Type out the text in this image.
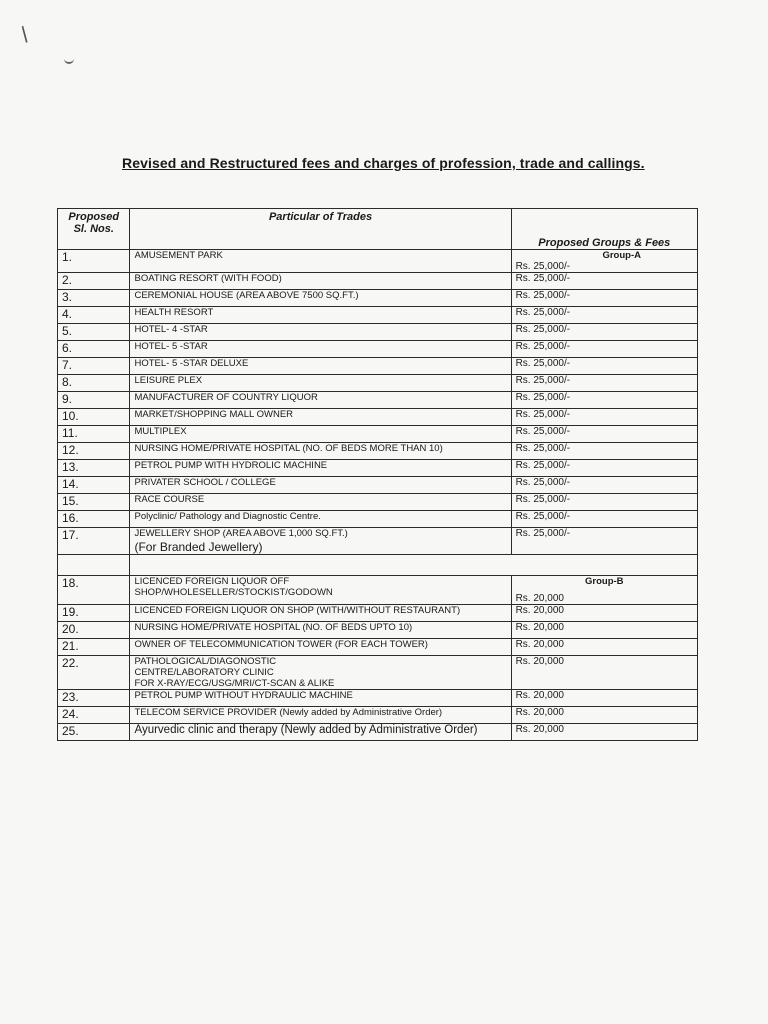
/
Revised and Restructured fees and charges of profession, trade and callings.
Proposed Sl. Nos.	Particular of Trades	Proposed Groups & Fees
1.	AMUSEMENT PARK	Group-A
Rs. 25,000/-
2.	BOATING RESORT (WITH FOOD)	Rs. 25,000/-
3.	CEREMONIAL HOUSE (AREA ABOVE 7500 SQ.FT.)	Rs. 25,000/-
4.	HEALTH RESORT	Rs. 25,000/-
5.	HOTEL- 4 -STAR	Rs. 25,000/-
6.	HOTEL- 5 -STAR	Rs. 25,000/-
7.	HOTEL- 5 -STAR DELUXE	Rs. 25,000/-
8.	LEISURE PLEX	Rs. 25,000/-
9.	MANUFACTURER OF COUNTRY LIQUOR	Rs. 25,000/-
10.	MARKET/SHOPPING MALL OWNER	Rs. 25,000/-
11.	MULTIPLEX	Rs. 25,000/-
12.	NURSING HOME/PRIVATE HOSPITAL (NO. OF BEDS MORE THAN 10)	Rs. 25,000/-
13.	PETROL PUMP WITH HYDROLIC MACHINE	Rs. 25,000/-
14.	PRIVATER SCHOOL / COLLEGE	Rs. 25,000/-
15.	RACE COURSE	Rs. 25,000/-
16.	Polyclinic/ Pathology and Diagnostic Centre.	Rs. 25,000/-
17.	JEWELLERY SHOP (AREA ABOVE 1,000 SQ.FT.)
(For Branded Jewellery)	Rs. 25,000/-

18.	LICENCED FOREIGN LIQUOR OFF
SHOP/WHOLESELLER/STOCKIST/GODOWN	Group-B
Rs. 20,000
19.	LICENCED FOREIGN LIQUOR ON SHOP (WITH/WITHOUT RESTAURANT)	Rs. 20,000
20.	NURSING HOME/PRIVATE HOSPITAL (NO. OF BEDS UPTO 10)	Rs. 20,000
21.	OWNER OF TELECOMMUNICATION TOWER (FOR EACH TOWER)	Rs. 20,000
22.	PATHOLOGICAL/DIAGONOSTIC
CENTRE/LABORATORY CLINIC
FOR X-RAY/ECG/USG/MRI/CT-SCAN & ALIKE	Rs. 20,000
23.	PETROL PUMP WITHOUT HYDRAULIC MACHINE	Rs. 20,000
24.	TELECOM SERVICE PROVIDER (Newly added by Administrative Order)	Rs. 20,000
25.	Ayurvedic clinic and therapy (Newly added by Administrative Order)	Rs. 20,000
